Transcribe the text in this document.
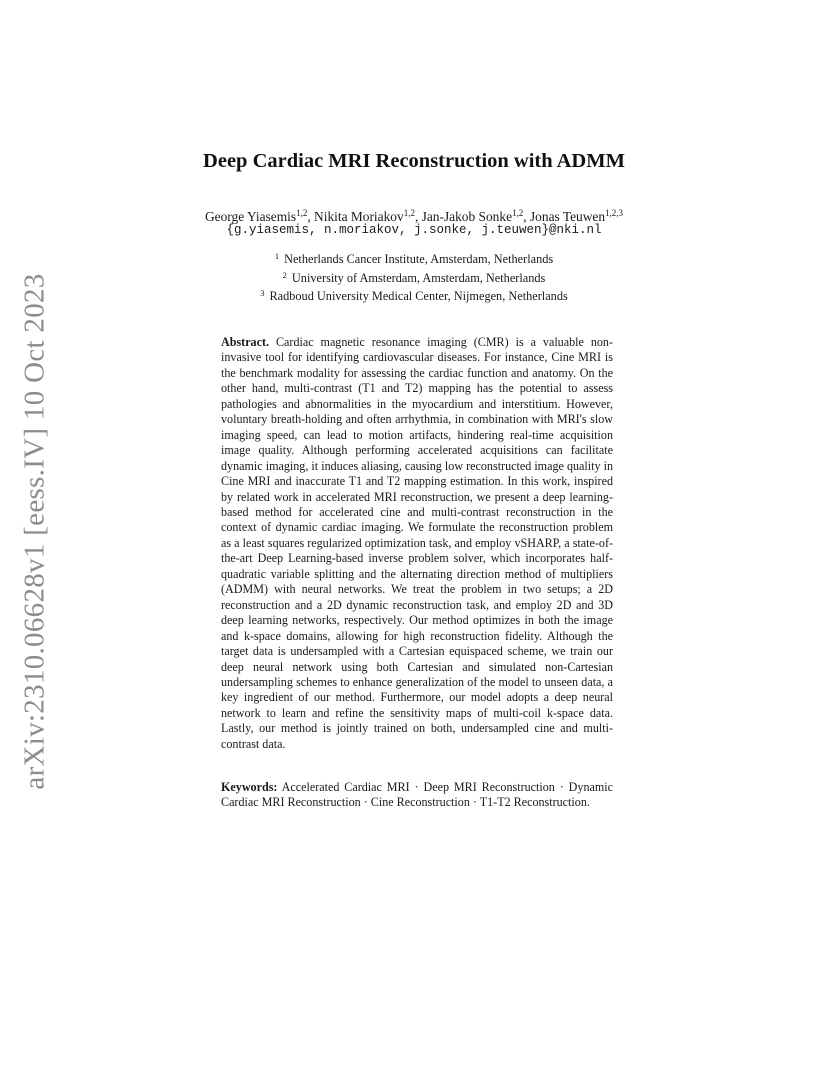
arXiv:2310.06628v1 [eess.IV] 10 Oct 2023
Deep Cardiac MRI Reconstruction with ADMM
George Yiasemis$^{1,2}$, Nikita Moriakov$^{1,2}$, Jan-Jakob Sonke$^{1,2}$, Jonas Teuwen$^{1,2,3}$
{g.yiasemis, n.moriakov, j.sonke, j.teuwen}@nki.nl
$^1$ Netherlands Cancer Institute, Amsterdam, Netherlands
$^2$ University of Amsterdam, Amsterdam, Netherlands
$^3$ Radboud University Medical Center, Nijmegen, Netherlands
Abstract. Cardiac magnetic resonance imaging (CMR) is a valuable non-invasive tool for identifying cardiovascular diseases. For instance, Cine MRI is the benchmark modality for assessing the cardiac function and anatomy. On the other hand, multi-contrast (T1 and T2) mapping has the potential to assess pathologies and abnormalities in the myocardium and interstitium. However, voluntary breath-holding and often arrhythmia, in combination with MRI's slow imaging speed, can lead to motion artifacts, hindering real-time acquisition image quality. Although performing accelerated acquisitions can facilitate dynamic imaging, it induces aliasing, causing low reconstructed image quality in Cine MRI and inaccurate T1 and T2 mapping estimation. In this work, inspired by related work in accelerated MRI reconstruction, we present a deep learning-based method for accelerated cine and multi-contrast reconstruction in the context of dynamic cardiac imaging. We formulate the reconstruction problem as a least squares regularized optimization task, and employ vSHARP, a state-of-the-art Deep Learning-based inverse problem solver, which incorporates half-quadratic variable splitting and the alternating direction method of multipliers (ADMM) with neural networks. We treat the problem in two setups; a 2D reconstruction and a 2D dynamic reconstruction task, and employ 2D and 3D deep learning networks, respectively. Our method optimizes in both the image and k-space domains, allowing for high reconstruction fidelity. Although the target data is undersampled with a Cartesian equispaced scheme, we train our deep neural network using both Cartesian and simulated non-Cartesian undersampling schemes to enhance generalization of the model to unseen data, a key ingredient of our method. Furthermore, our model adopts a deep neural network to learn and refine the sensitivity maps of multi-coil k-space data. Lastly, our method is jointly trained on both, undersampled cine and multi-contrast data.
Keywords: Accelerated Cardiac MRI · Deep MRI Reconstruction · Dynamic Cardiac MRI Reconstruction · Cine Reconstruction · T1-T2 Reconstruction.
